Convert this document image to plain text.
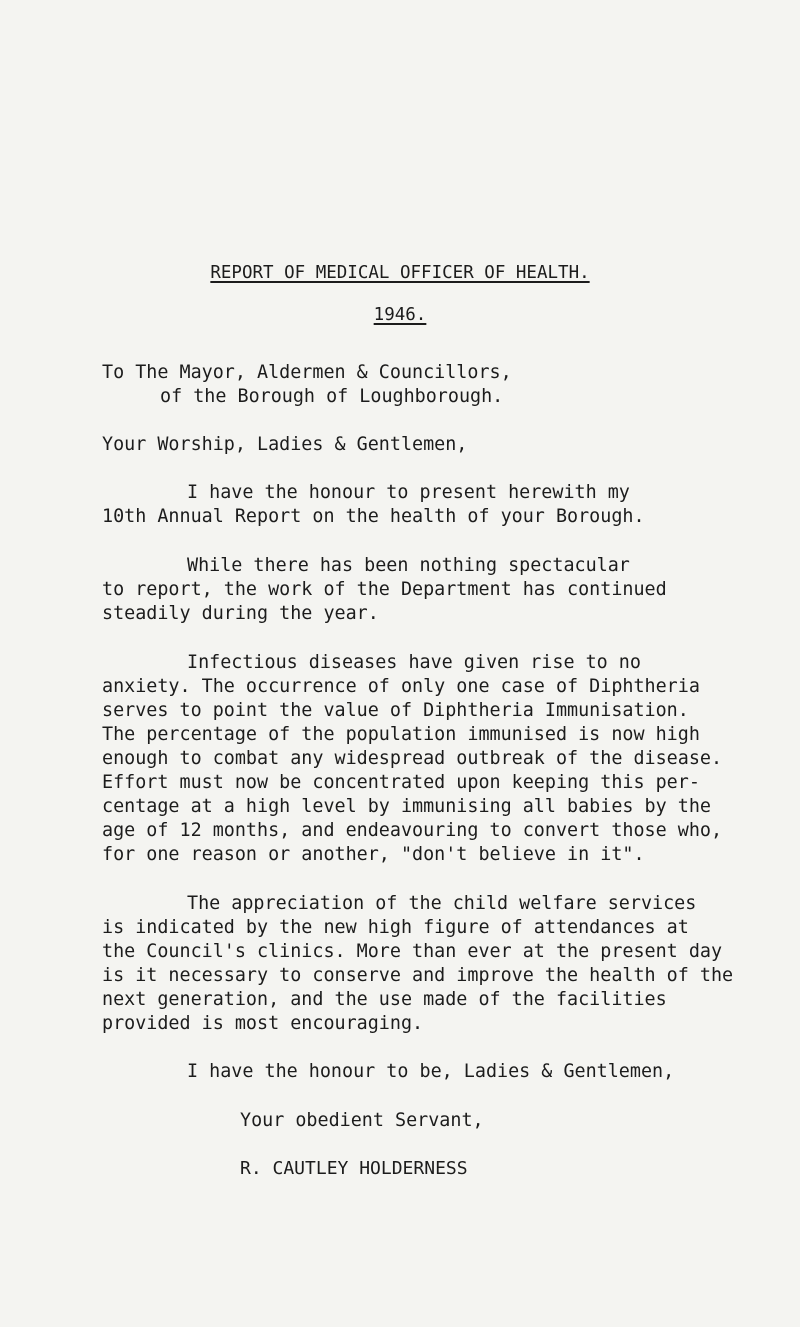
REPORT OF MEDICAL OFFICER OF HEALTH.
1946.
To The Mayor, Aldermen & Councillors,
of the Borough of Loughborough.
Your Worship, Ladies & Gentlemen,
I have the honour to present herewith my
10th Annual Report on the health of your Borough.
While there has been nothing spectacular
to report, the work of the Department has continued
steadily during the year.
Infectious diseases have given rise to no
anxiety. The occurrence of only one case of Diphtheria
serves to point the value of Diphtheria Immunisation.
The percentage of the population immunised is now high
enough to combat any widespread outbreak of the disease.
Effort must now be concentrated upon keeping this per-
centage at a high level by immunising all babies by the
age of 12 months, and endeavouring to convert those who,
for one reason or another, "don't believe in it".
The appreciation of the child welfare services
is indicated by the new high figure of attendances at
the Council's clinics. More than ever at the present day
is it necessary to conserve and improve the health of the
next generation, and the use made of the facilities
provided is most encouraging.
I have the honour to be, Ladies & Gentlemen,
Your obedient Servant,
R. CAUTLEY HOLDERNESS
